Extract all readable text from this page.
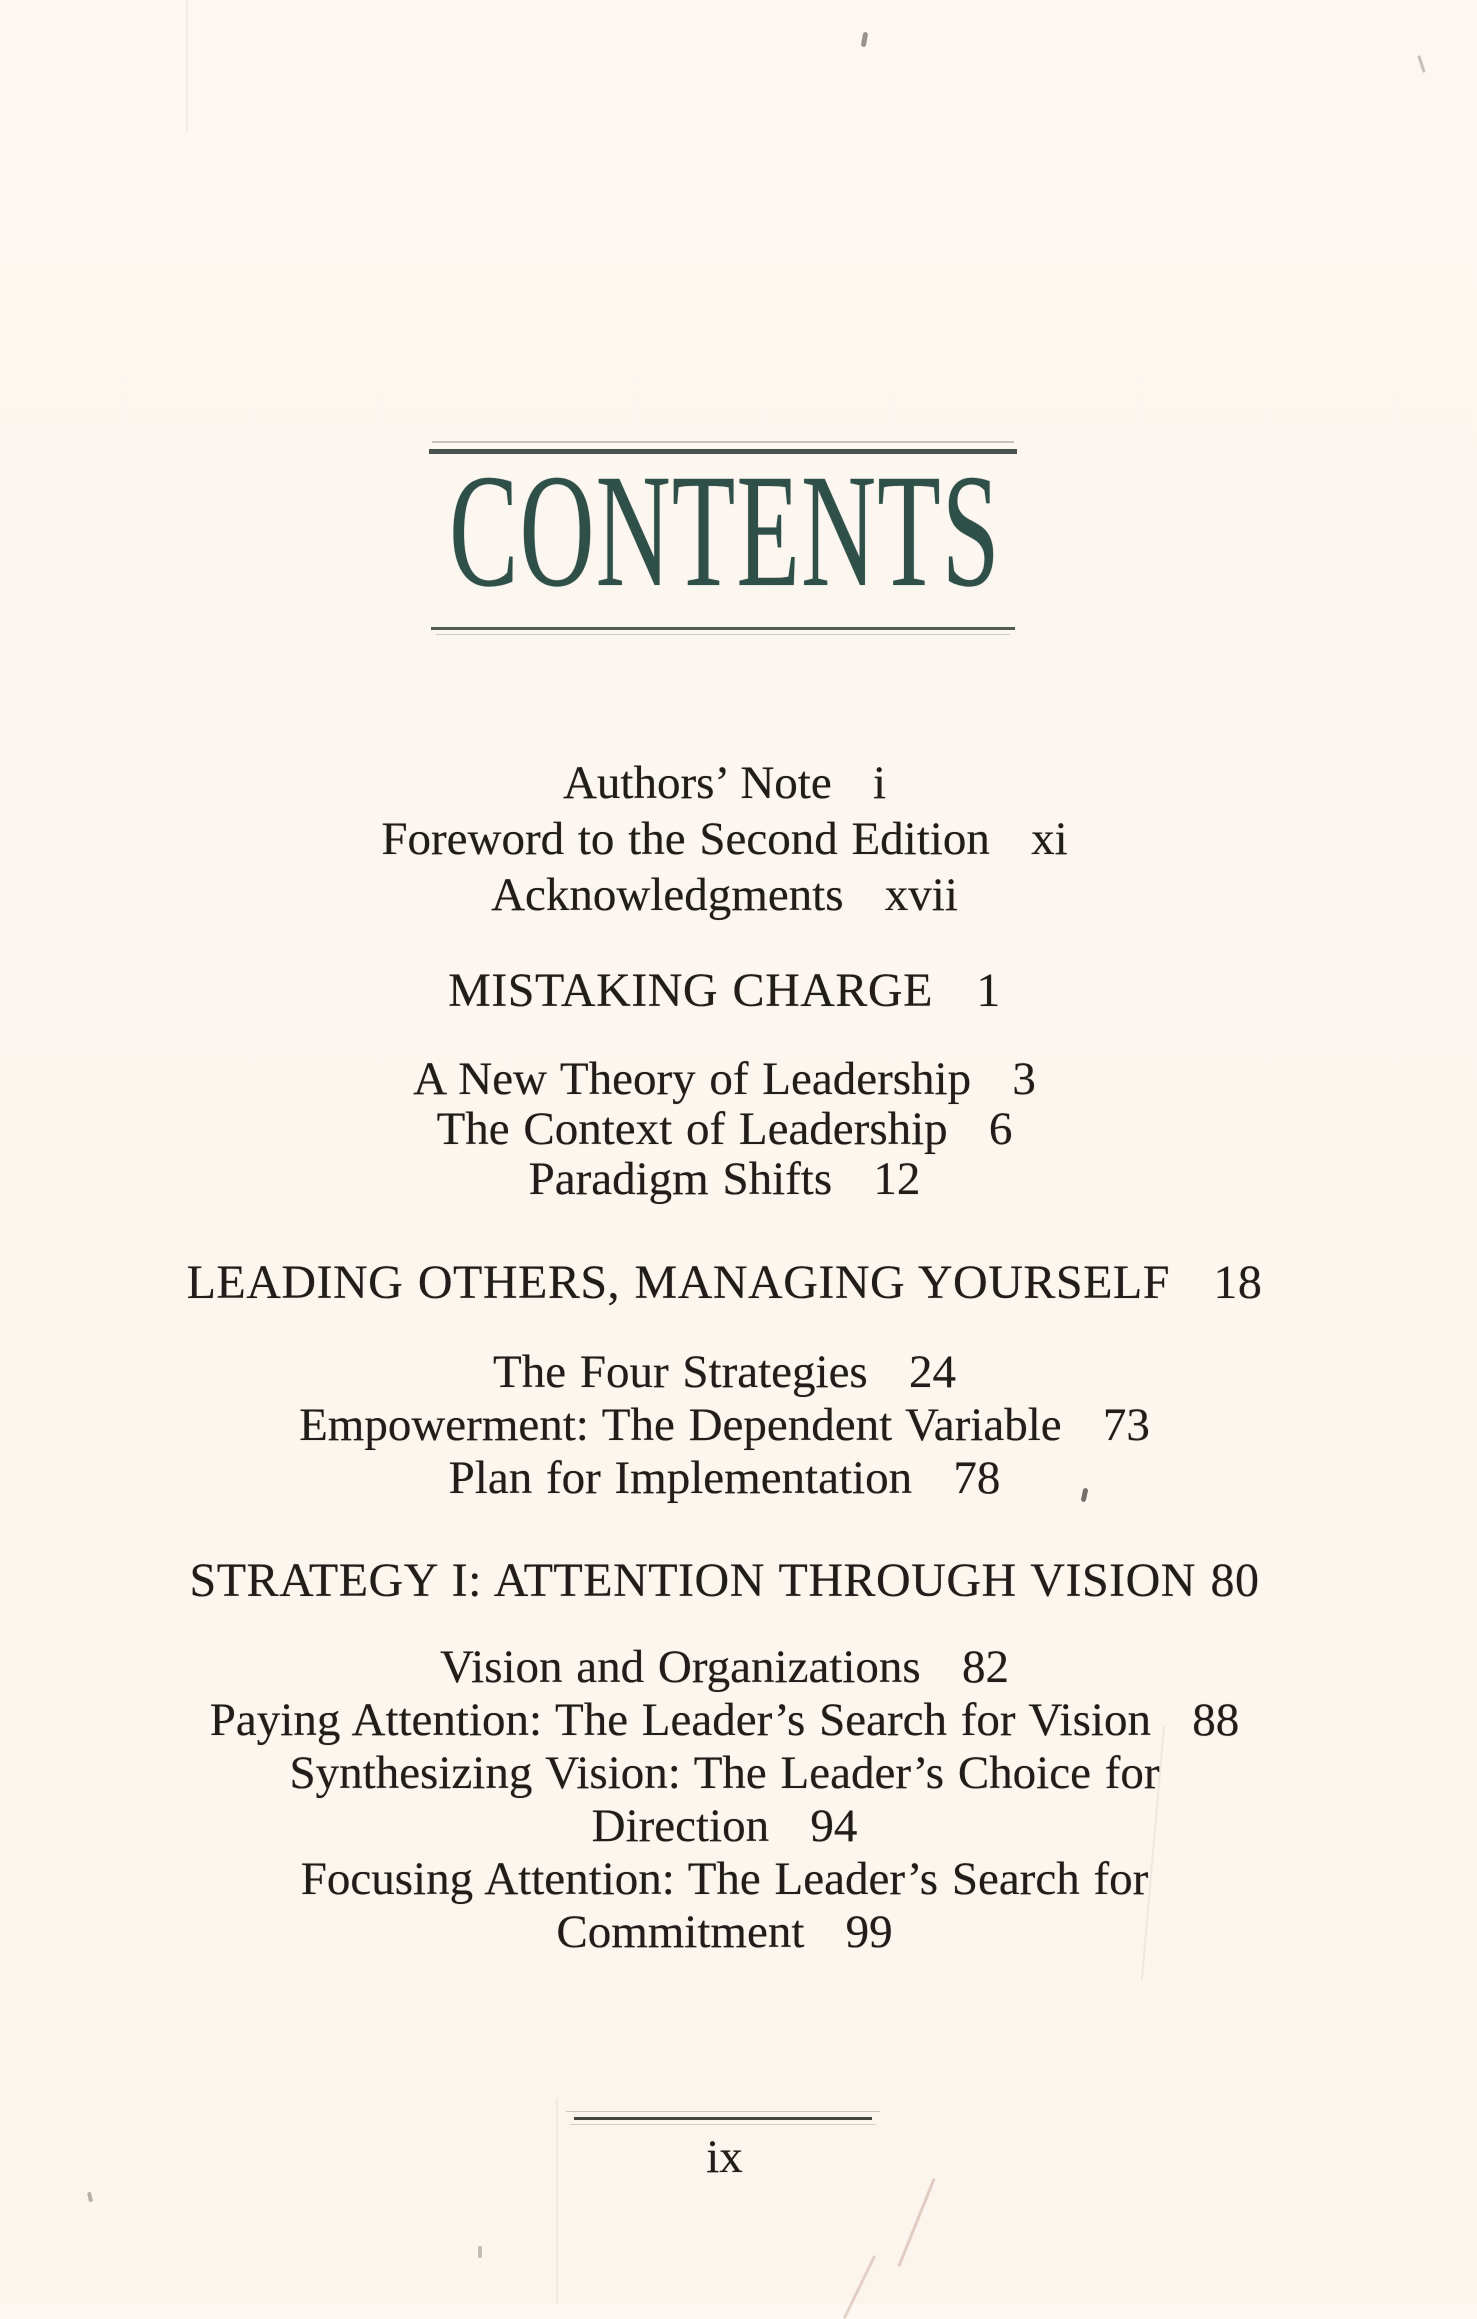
CONTENTS
Authors’ Note   i
Foreword to the Second Edition   xi
Acknowledgments   xvii
MISTAKING CHARGE   1
A New Theory of Leadership   3
The Context of Leadership   6
Paradigm Shifts   12
LEADING OTHERS, MANAGING YOURSELF   18
The Four Strategies   24
Empowerment: The Dependent Variable   73
Plan for Implementation   78
STRATEGY I: ATTENTION THROUGH VISION 80
Vision and Organizations   82
Paying Attention: The Leader’s Search for Vision   88
Synthesizing Vision: The Leader’s Choice for
Direction   94
Focusing Attention: The Leader’s Search for
Commitment   99
ix
